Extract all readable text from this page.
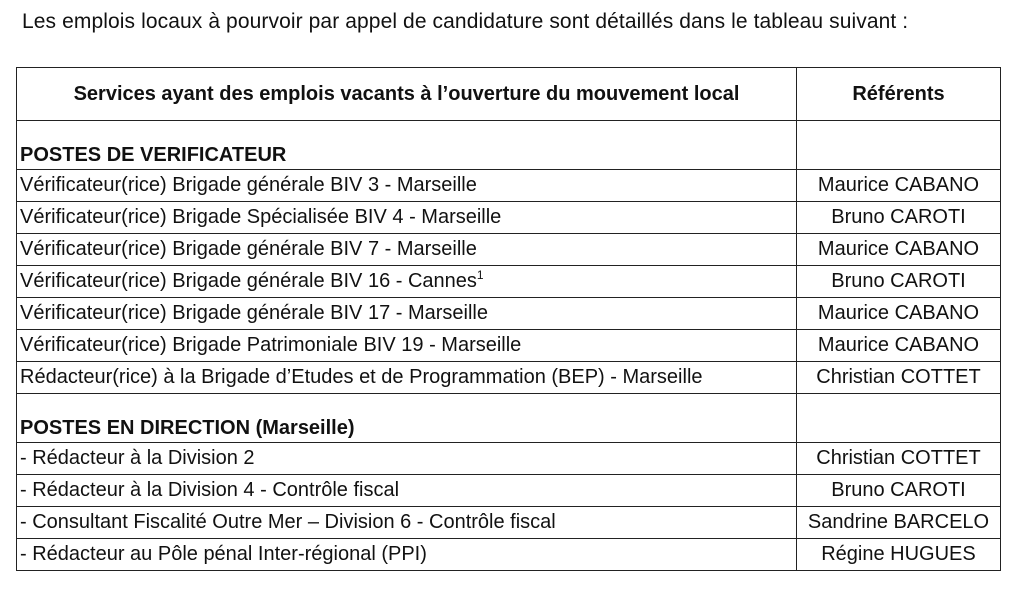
Les emplois locaux à pourvoir par appel de candidature sont détaillés dans le tableau suivant :
Services ayant des emplois vacants à l’ouverture du mouvement local	Référents
POSTES DE VERIFICATEUR	
Vérificateur(rice) Brigade générale BIV 3 - Marseille	Maurice CABANO
Vérificateur(rice) Brigade Spécialisée BIV 4 - Marseille	Bruno CAROTI
Vérificateur(rice) Brigade générale BIV 7 - Marseille	Maurice CABANO
Vérificateur(rice) Brigade générale BIV 16 - Cannes$^1$	Bruno CAROTI
Vérificateur(rice) Brigade générale BIV 17 - Marseille	Maurice CABANO
Vérificateur(rice) Brigade Patrimoniale BIV 19 - Marseille	Maurice CABANO
Rédacteur(rice) à la Brigade d’Etudes et de Programmation (BEP) - Marseille	Christian COTTET
POSTES EN DIRECTION (Marseille)	
- Rédacteur à la Division 2	Christian COTTET
- Rédacteur à la Division 4 - Contrôle fiscal	Bruno CAROTI
- Consultant Fiscalité Outre Mer – Division 6 - Contrôle fiscal	Sandrine BARCELO
- Rédacteur au Pôle pénal Inter-régional (PPI)	Régine HUGUES
